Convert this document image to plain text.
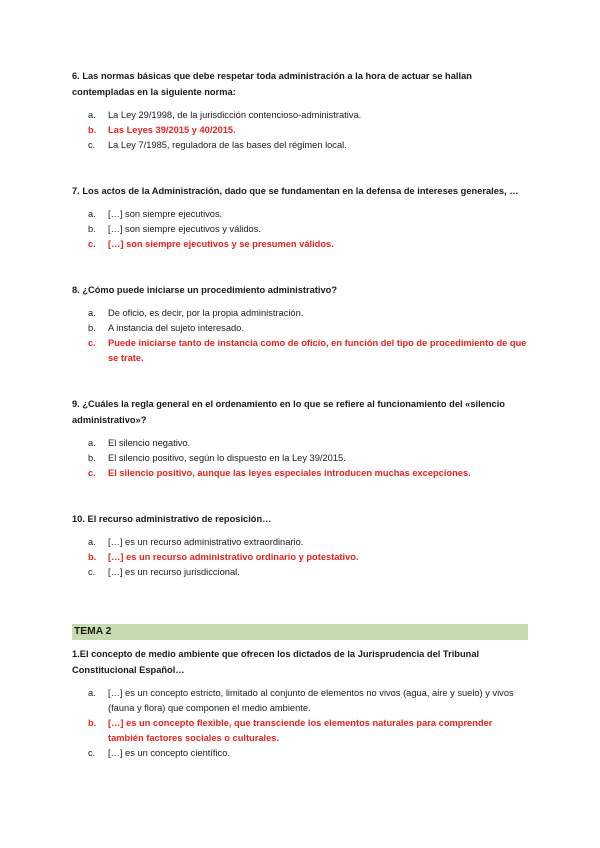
6. Las normas básicas que debe respetar toda administración a la hora de actuar se hallan contempladas en la siguiente norma:

a.	La Ley 29/1998, de la jurisdicción contencioso-administrativa.
b.	Las Leyes 39/2015 y 40/2015.
c.	La Ley 7/1985, reguladora de las bases del régimen local.

7. Los actos de la Administración, dado que se fundamentan en la defensa de intereses generales, …

a.	[…] son siempre ejecutivos.
b.	[…] son siempre ejecutivos y válidos.
c.	[…] son siempre ejecutivos y se presumen válidos.

8. ¿Cómo puede iniciarse un procedimiento administrativo?

a.	De oficio, es decir, por la propia administración.
b.	A instancia del sujeto interesado.
c.	Puede iniciarse tanto de instancia como de oficio, en función del tipo de procedimiento de que se trate.

9. ¿Cuáles la regla general en el ordenamiento en lo que se refiere al funcionamiento del «silencio administrativo»?

a.	El silencio negativo.
b.	El silencio positivo, según lo dispuesto en la Ley 39/2015.
c.	El silencio positivo, aunque las leyes especiales introducen muchas excepciones.

10. El recurso administrativo de reposición…

a.	[…] es un recurso administrativo extraordinario.
b.	[…] es un recurso administrativo ordinario y potestativo.
c.	[…] es un recurso jurisdiccional.
TEMA 2

1.El concepto de medio ambiente que ofrecen los dictados de la Jurisprudencia del Tribunal Constitucional Español…

a.	[…] es un concepto estricto, limitado al conjunto de elementos no vivos (agua, aire y suelo) y vivos (fauna y flora) que componen el medio ambiente.
b.	[…] es un concepto flexible, que transciende los elementos naturales para comprender también factores sociales o culturales.
c.	[…] es un concepto científico.
